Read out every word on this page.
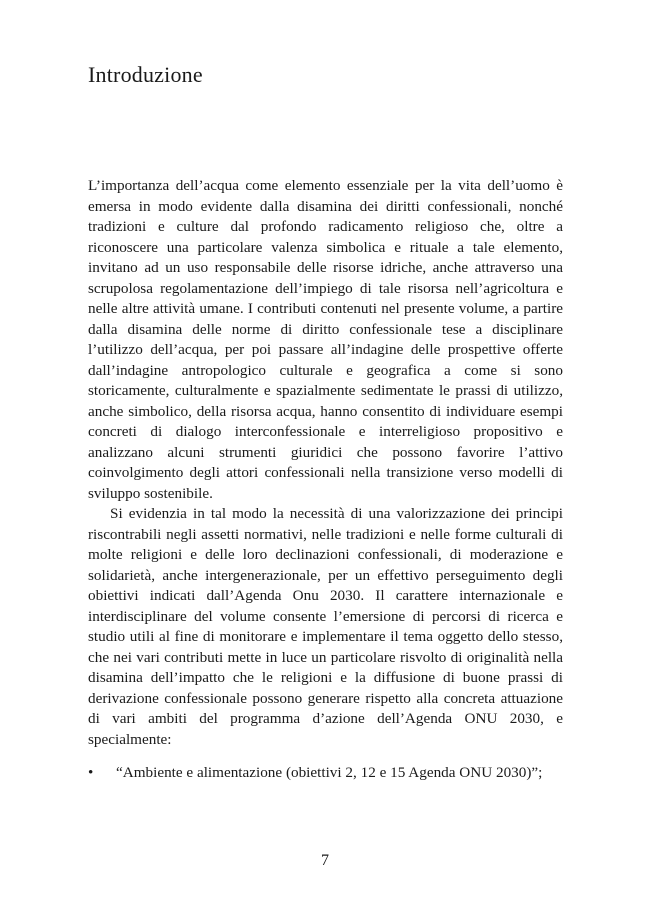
Introduzione

L’importanza dell’acqua come elemento essenziale per la vita dell’uomo è emersa in modo evidente dalla disamina dei diritti confessionali, nonché tradizioni e culture dal profondo radicamento religioso che, oltre a riconoscere una particolare valenza simbolica e rituale a tale elemento, invitano ad un uso responsabile delle risorse idriche, anche attraverso una scrupolosa regolamentazione dell’impiego di tale risorsa nell’agricoltura e nelle altre attività umane. I contributi contenuti nel presente volume, a partire dalla disamina delle norme di diritto confessionale tese a disciplinare l’utilizzo dell’acqua, per poi passare all’indagine delle prospettive offerte dall’indagine antropologico culturale e geografica a come si sono storicamente, culturalmente e spazialmente sedimentate le prassi di utilizzo, anche simbolico, della risorsa acqua, hanno consentito di individuare esempi concreti di dialogo interconfessionale e interreligioso propositivo e analizzano alcuni strumenti giuridici che possono favorire l’attivo coinvolgimento degli attori confessionali nella transizione verso modelli di sviluppo sostenibile.

Si evidenzia in tal modo la necessità di una valorizzazione dei principi riscontrabili negli assetti normativi, nelle tradizioni e nelle forme culturali di molte religioni e delle loro declinazioni confessionali, di moderazione e solidarietà, anche intergenerazionale, per un effettivo perseguimento degli obiettivi indicati dall’Agenda Onu 2030. Il carattere internazionale e interdisciplinare del volume consente l’emersione di percorsi di ricerca e studio utili al fine di monitorare e implementare il tema oggetto dello stesso, che nei vari contributi mette in luce un particolare risvolto di originalità nella disamina dell’impatto che le religioni e la diffusione di buone prassi di derivazione confessionale possono generare rispetto alla concreta attuazione di vari ambiti del programma d’azione dell’Agenda ONU 2030, e specialmente:

• “Ambiente e alimentazione (obiettivi 2, 12 e 15 Agenda ONU 2030)”;
7
